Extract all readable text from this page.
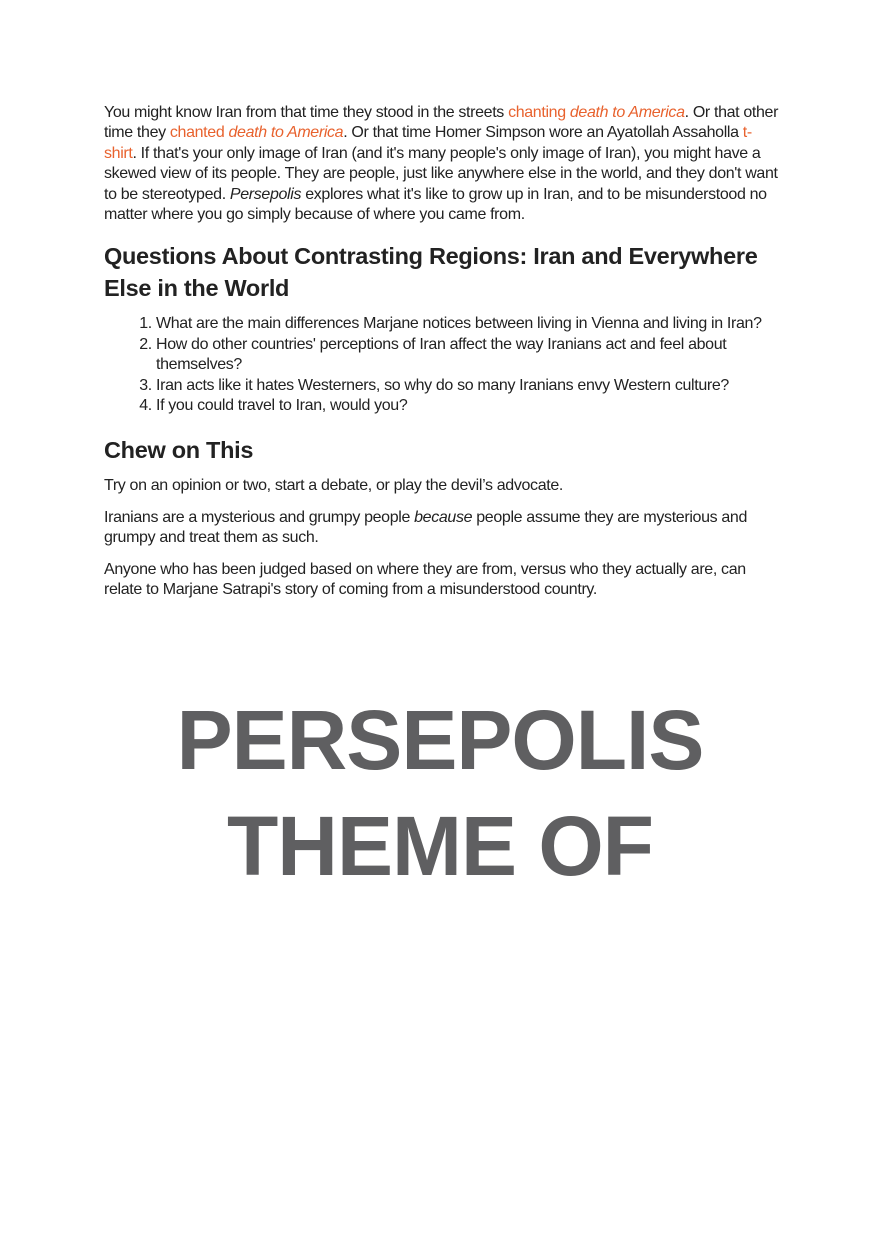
You might know Iran from that time they stood in the streets chanting death to America. Or that other time they chanted death to America. Or that time Homer Simpson wore an Ayatollah Assaholla t-shirt. If that's your only image of Iran (and it's many people's only image of Iran), you might have a skewed view of its people. They are people, just like anywhere else in the world, and they don't want to be stereotyped. Persepolis explores what it's like to grow up in Iran, and to be misunderstood no matter where you go simply because of where you came from.

Questions About Contrasting Regions: Iran and Everywhere Else in the World
1. What are the main differences Marjane notices between living in Vienna and living in Iran?
2. How do other countries' perceptions of Iran affect the way Iranians act and feel about themselves?
3. Iran acts like it hates Westerners, so why do so many Iranians envy Western culture?
4. If you could travel to Iran, would you?
Chew on This

Try on an opinion or two, start a debate, or play the devil’s advocate.

Iranians are a mysterious and grumpy people because people assume they are mysterious and grumpy and treat them as such.

Anyone who has been judged based on where they are from, versus who they actually are, can relate to Marjane Satrapi's story of coming from a misunderstood country.

PERSEPOLIS
THEME OF
